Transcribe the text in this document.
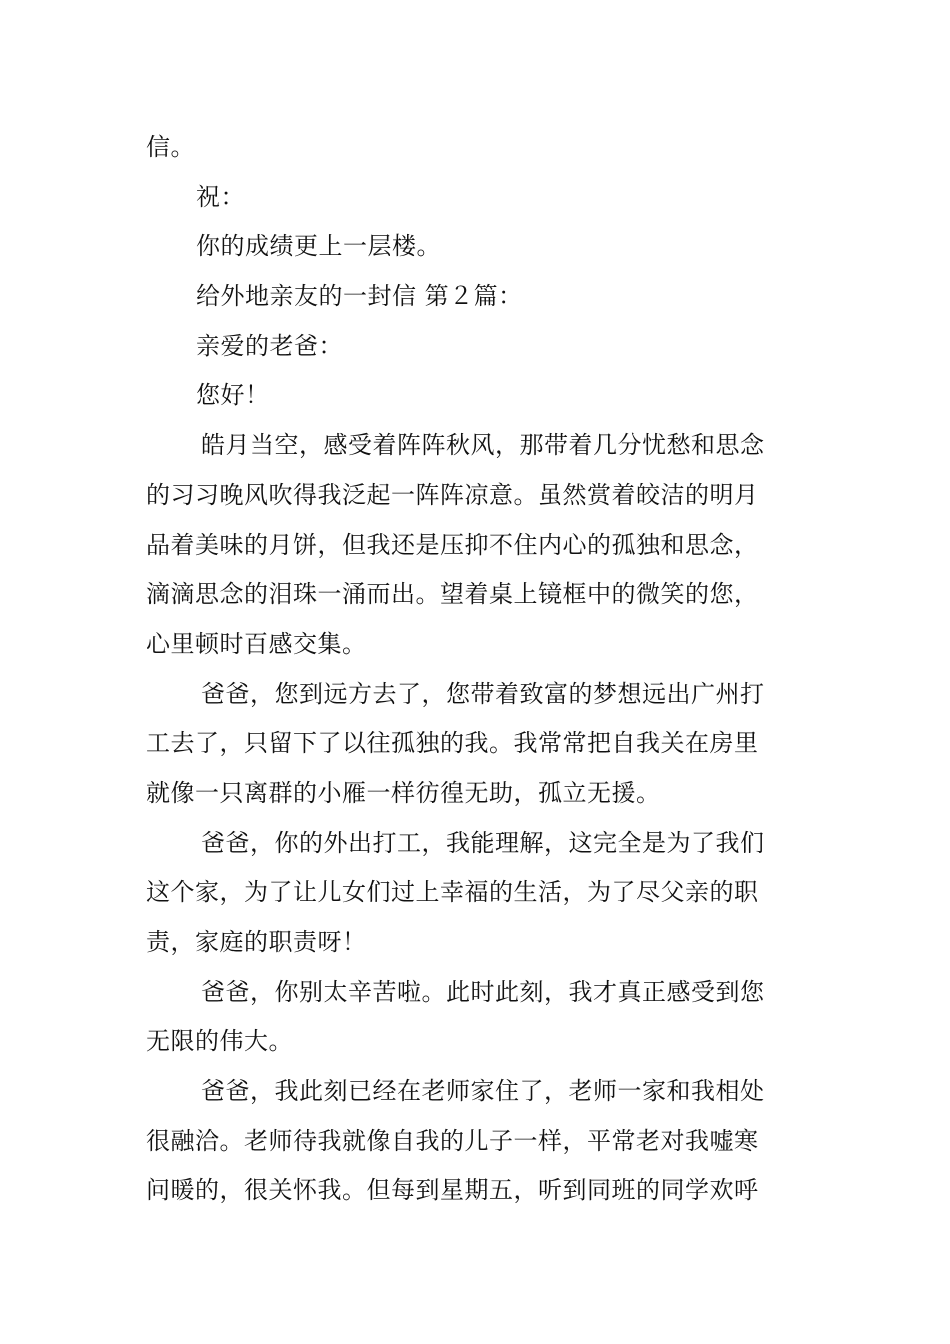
信。
祝：
你的成绩更上一层楼。
给外地亲友的一封信 第２篇：
亲爱的老爸：
您好！
皓月当空，感受着阵阵秋风，那带着几分忧愁和思念
的习习晚风吹得我泛起一阵阵凉意。虽然赏着皎洁的明月
品着美味的月饼，但我还是压抑不住内心的孤独和思念，
滴滴思念的泪珠一涌而出。望着桌上镜框中的微笑的您，
心里顿时百感交集。
爸爸，您到远方去了，您带着致富的梦想远出广州打
工去了，只留下了以往孤独的我。我常常把自我关在房里
就像一只离群的小雁一样彷徨无助，孤立无援。
爸爸，你的外出打工，我能理解，这完全是为了我们
这个家，为了让儿女们过上幸福的生活，为了尽父亲的职
责，家庭的职责呀！
爸爸，你别太辛苦啦。此时此刻，我才真正感受到您
无限的伟大。
爸爸，我此刻已经在老师家住了，老师一家和我相处
很融洽。老师待我就像自我的儿子一样，平常老对我嘘寒
问暖的，很关怀我。但每到星期五，听到同班的同学欢呼
